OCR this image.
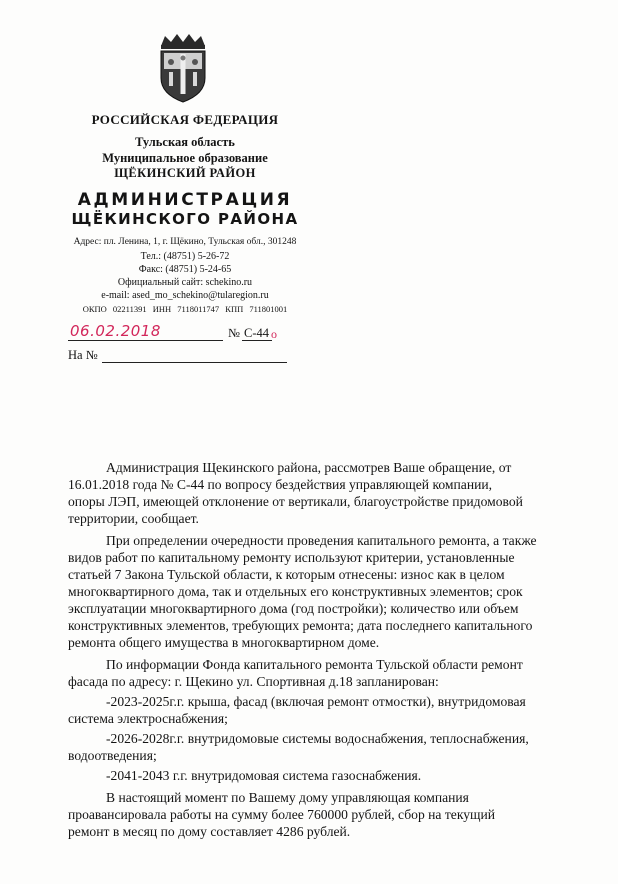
РОССИЙСКАЯ ФЕДЕРАЦИЯ
Тульская область
Муниципальное образование
ЩЁКИНСКИЙ РАЙОН
АДМИНИСТРАЦИЯ
ЩЁКИНСКОГО РАЙОНА
Адрес: пл. Ленина, 1, г. Щёкино, Тульская обл., 301248
Тел.: (48751) 5-26-72
Факс: (48751) 5-24-65
Официальный сайт: schekino.ru
e-mail: ased_mo_schekino@tularegion.ru
ОКПО 02211391 ИНН 7118011747 КПП 711801001
06.02.2018	№ С-44 о
На №
Администрация Щекинского района, рассмотрев Ваше обращение, от
16.01.2018 года № С-44 по вопросу бездействия управляющей компании,
опоры ЛЭП, имеющей отклонение от вертикали, благоустройстве придомовой
территории, сообщает.
При определении очередности проведения капитального ремонта, а также
видов работ по капитальному ремонту используют критерии, установленные
статьей 7 Закона Тульской области, к которым отнесены: износ как в целом
многоквартирного дома, так и отдельных его конструктивных элементов; срок
эксплуатации многоквартирного дома (год постройки); количество или объем
конструктивных элементов, требующих ремонта; дата последнего капитального
ремонта общего имущества в многоквартирном доме.
По информации Фонда капитального ремонта Тульской области ремонт
фасада по адресу: г. Щекино ул. Спортивная д.18 запланирован:
-2023-2025г.г. крыша, фасад (включая ремонт отмостки), внутридомовая
система электроснабжения;
-2026-2028г.г. внутридомовые системы водоснабжения, теплоснабжения,
водоотведения;
-2041-2043 г.г. внутридомовая система газоснабжения.
В настоящий момент по Вашему дому управляющая компания
проавансировала работы на сумму более 760000 рублей, сбор на текущий
ремонт в месяц по дому составляет 4286 рублей.
